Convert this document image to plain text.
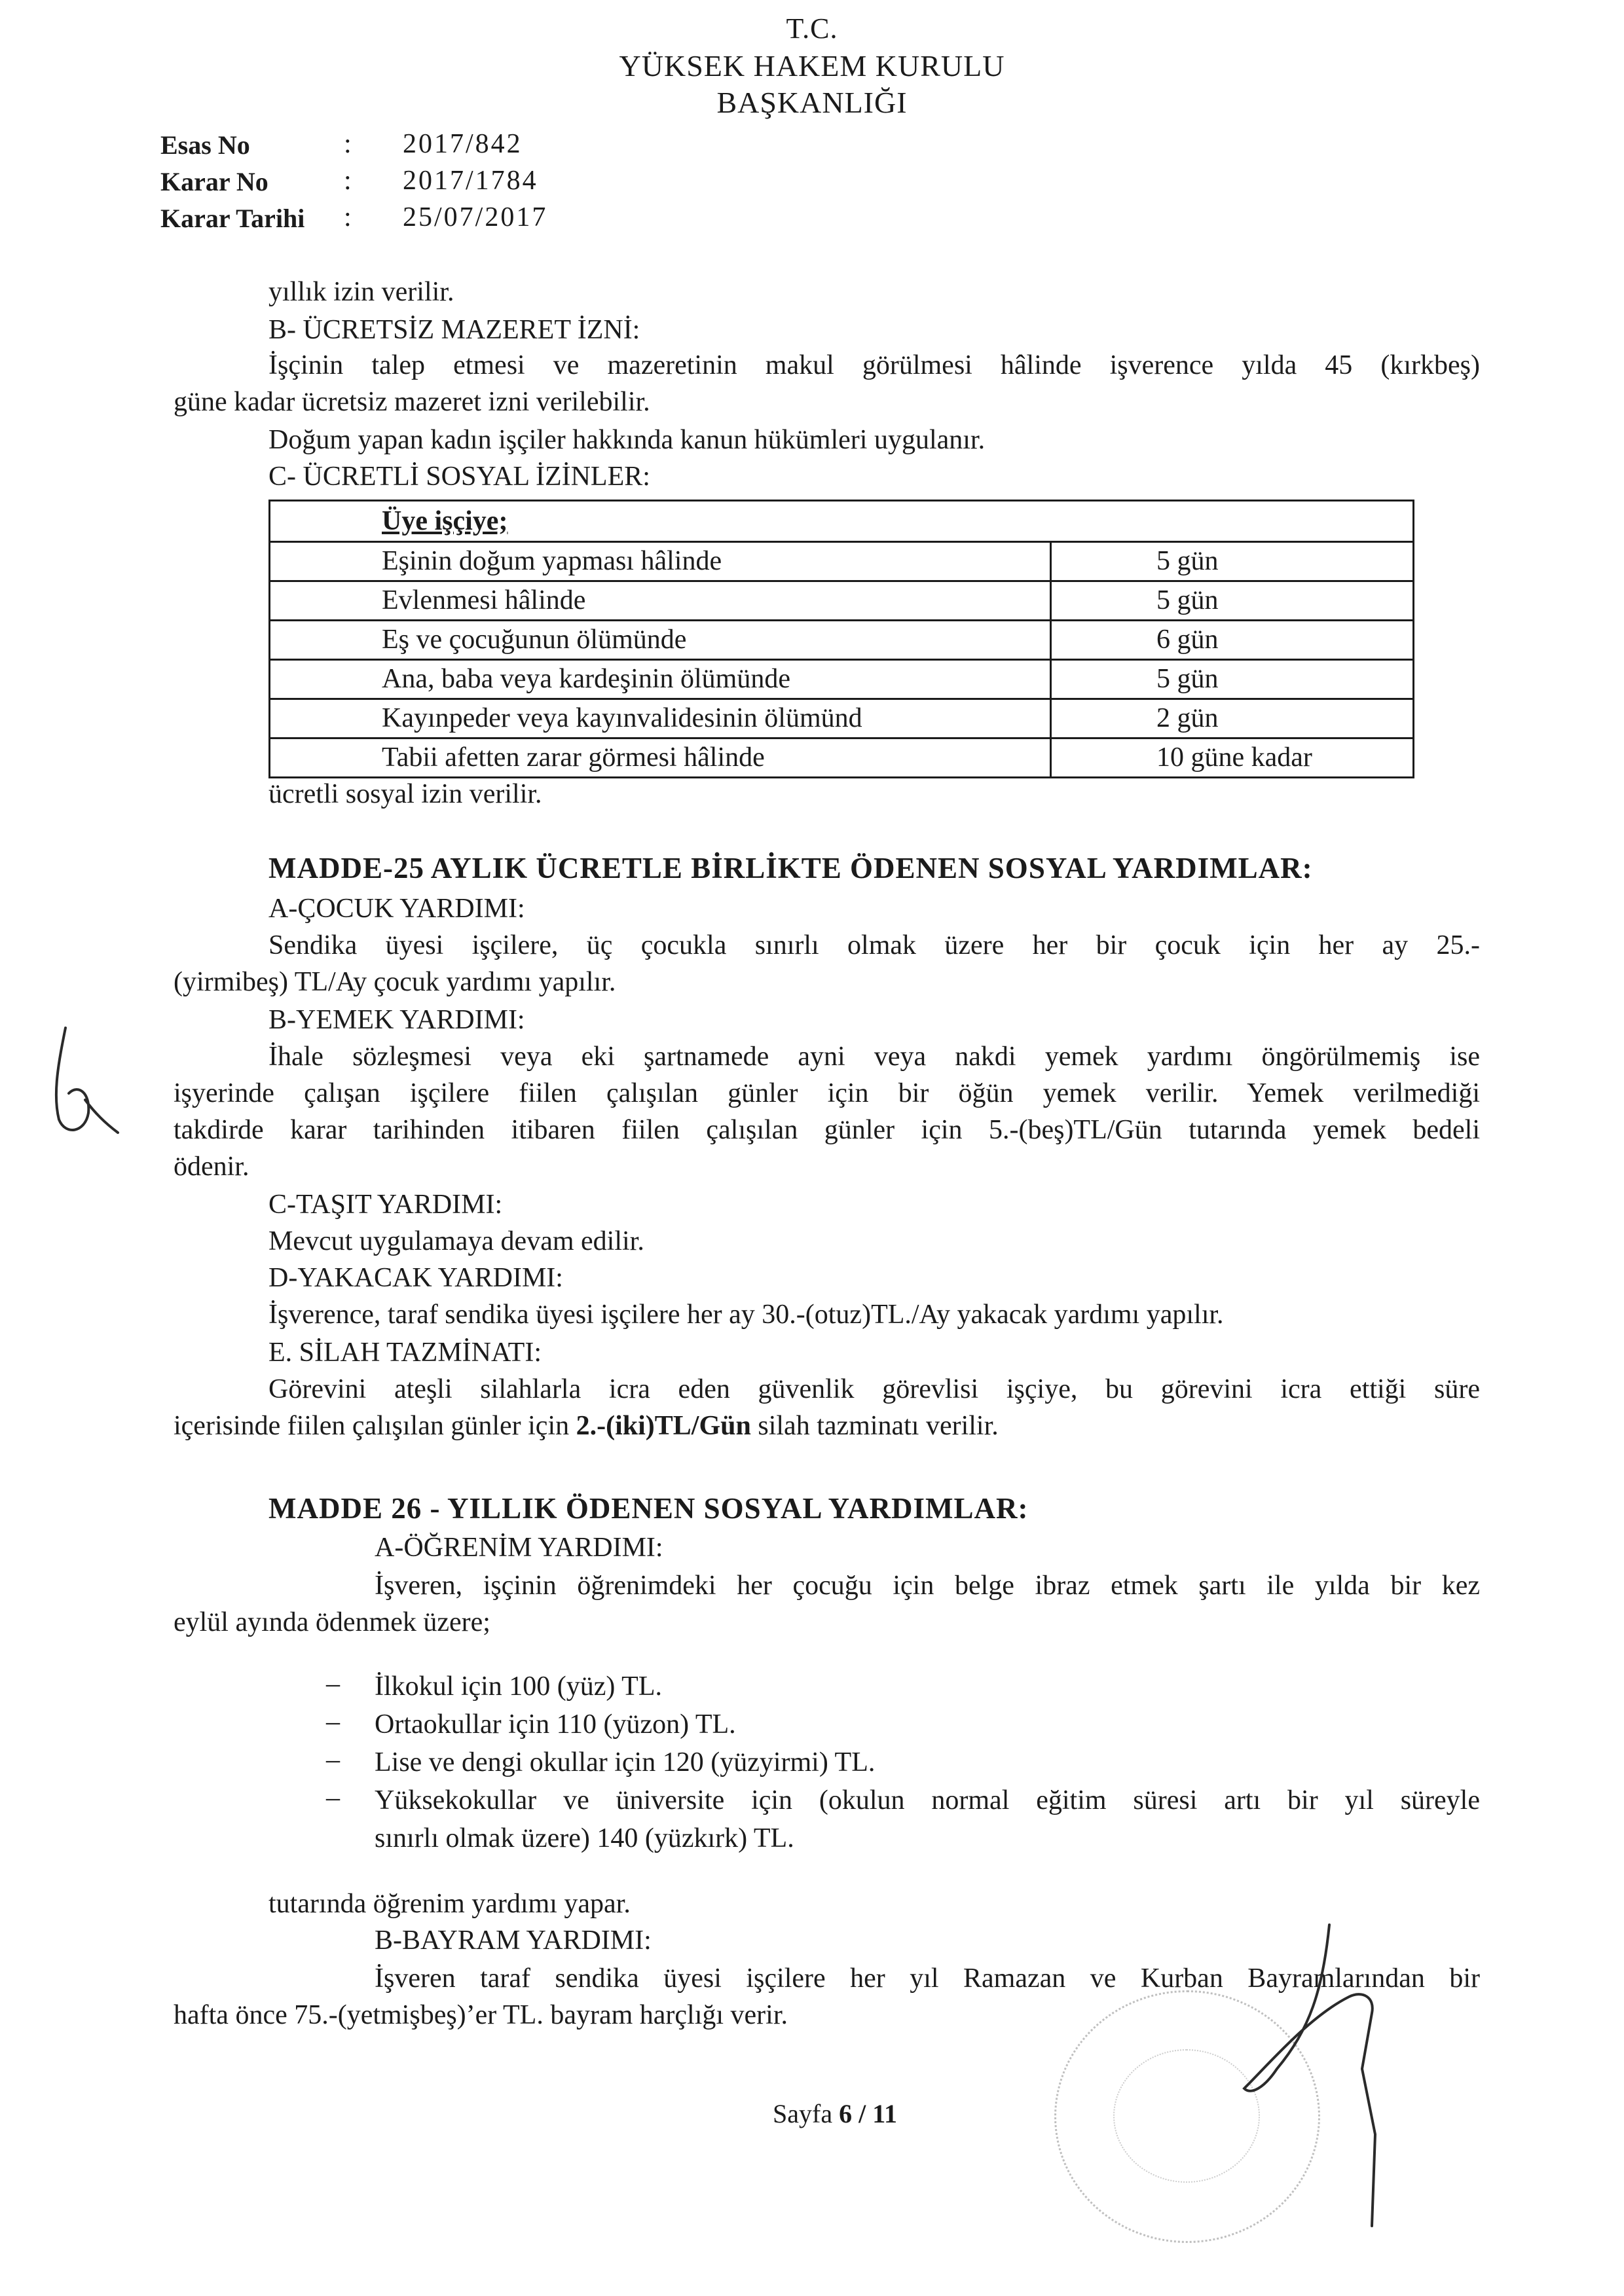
T.C.
YÜKSEK HAKEM KURULU
BAŞKANLIĞI
Esas No	: 2017/842
Karar No	: 2017/1784
Karar Tarihi : 25/07/2017
yıllık izin verilir.
B- ÜCRETSİZ MAZERET İZNİ:
İşçinin talep etmesi ve mazeretinin makul görülmesi hâlinde işverence yılda 45 (kırkbeş)
güne kadar ücretsiz mazeret izni verilebilir.
Doğum yapan kadın işçiler hakkında kanun hükümleri uygulanır.
C- ÜCRETLİ SOSYAL İZİNLER:
Üye işçiye;	
Eşinin doğum yapması hâlinde	5 gün
Evlenmesi hâlinde	5 gün
Eş ve çocuğunun ölümünde	6 gün
Ana, baba veya kardeşinin ölümünde	5 gün
Kayınpeder veya kayınvalidesinin ölümünd	2 gün
Tabii afetten zarar görmesi hâlinde	10 güne kadar
ücretli sosyal izin verilir.
MADDE-25 AYLIK ÜCRETLE BİRLİKTE ÖDENEN SOSYAL YARDIMLAR:
A-ÇOCUK YARDIMI:
Sendika üyesi işçilere, üç çocukla sınırlı olmak üzere her bir çocuk için her ay 25.-
(yirmibeş) TL/Ay çocuk yardımı yapılır.
B-YEMEK YARDIMI:
İhale sözleşmesi veya eki şartnamede ayni veya nakdi yemek yardımı öngörülmemiş ise
işyerinde çalışan işçilere fiilen çalışılan günler için bir öğün yemek verilir. Yemek verilmediği
takdirde karar tarihinden itibaren fiilen çalışılan günler için 5.-(beş)TL/Gün tutarında yemek bedeli
ödenir.
C-TAŞIT YARDIMI:
Mevcut uygulamaya devam edilir.
D-YAKACAK YARDIMI:
İşverence, taraf sendika üyesi işçilere her ay 30.-(otuz)TL./Ay yakacak yardımı yapılır.
E. SİLAH TAZMİNATI:
Görevini ateşli silahlarla icra eden güvenlik görevlisi işçiye, bu görevini icra ettiği süre
içerisinde fiilen çalışılan günler için 2.-(iki)TL/Gün silah tazminatı verilir.
MADDE 26 - YILLIK ÖDENEN SOSYAL YARDIMLAR:
A-ÖĞRENİM YARDIMI:
İşveren, işçinin öğrenimdeki her çocuğu için belge ibraz etmek şartı ile yılda bir kez
eylül ayında ödenmek üzere;
– İlkokul için 100 (yüz) TL.
– Ortaokullar için 110 (yüzon) TL.
– Lise ve dengi okullar için 120 (yüzyirmi) TL.
– Yüksekokullar ve üniversite için (okulun normal eğitim süresi artı bir yıl süreyle
sınırlı olmak üzere) 140 (yüzkırk) TL.
tutarında öğrenim yardımı yapar.
B-BAYRAM YARDIMI:
İşveren taraf sendika üyesi işçilere her yıl Ramazan ve Kurban Bayramlarından bir
hafta önce 75.-(yetmişbeş)’er TL. bayram harçlığı verir.
Sayfa 6 / 11
